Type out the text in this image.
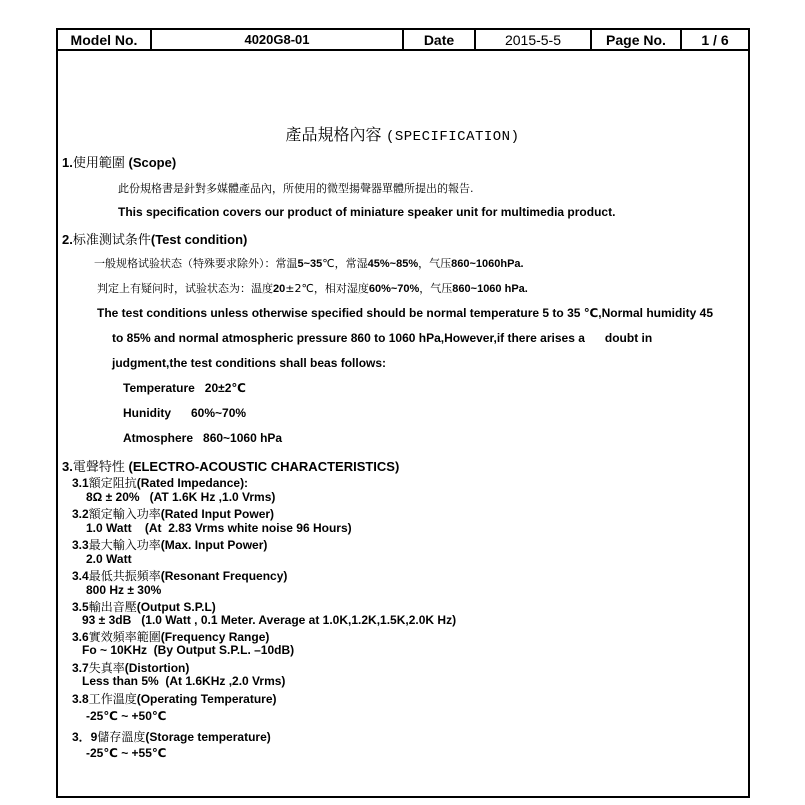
Model No.	4020G8-01	Date	2015-5-5	Page No.	1 / 6
產品規格內容 (SPECIFICATION)
1.使用範圍 (Scope)
此份規格書是針對多媒體產品內，所使用的微型揚聲器單體所提出的報告.
This specification covers our product of miniature speaker unit for multimedia product.
2.标准测试条件(Test condition)
一般规格试验状态（特殊要求除外）：常温5~35℃，常湿45%~85%，气压860~1060hPa.
判定上有疑问时，试验状态为：温度20±2℃，相对湿度60%~70%，气压860~1060 hPa.
The test conditions unless otherwise specified should be normal temperature 5 to 35 ℃,Normal humidity 45
to 85% and normal atmospheric pressure 860 to 1060 hPa,However,if there arises a      doubt in
judgment,the test conditions shall beas follows:
Temperature   20±2℃
Hunidity      60%~70%
Atmosphere   860~1060 hPa
3.電聲特性 (ELECTRO-ACOUSTIC CHARACTERISTICS)
3.1額定阻抗(Rated Impedance):
8Ω ± 20%   (AT 1.6K Hz ,1.0 Vrms)
3.2額定輸入功率(Rated Input Power)
1.0 Watt    (At  2.83 Vrms white noise 96 Hours)
3.3最大輸入功率(Max. Input Power)
2.0 Watt
3.4最低共振頻率(Resonant Frequency)
800 Hz ± 30%
3.5輸出音壓(Output S.P.L)
93 ± 3dB   (1.0 Watt , 0.1 Meter. Average at 1.0K,1.2K,1.5K,2.0K Hz)
3.6實效頻率範圍(Frequency Range)
Fo ~ 10KHz  (By Output S.P.L. –10dB)
3.7失真率(Distortion)
Less than 5%  (At 1.6KHz ,2.0 Vrms)
3.8工作溫度(Operating Temperature)
-25℃ ~ +50℃
3．9儲存溫度(Storage temperature)
-25℃ ~ +55℃
